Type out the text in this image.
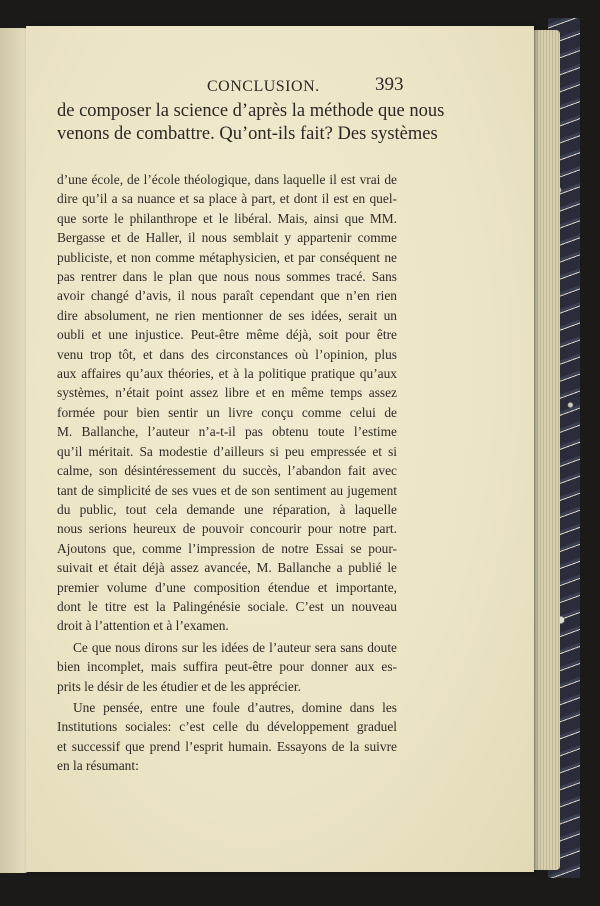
CONCLUSION.	393
de composer la science d’après la méthode que nous
venons de combattre. Qu’ont-ils fait? Des systèmes
d’une école, de l’école théologique, dans laquelle il est vrai de
dire qu’il a sa nuance et sa place à part, et dont il est en quel-
que sorte le philanthrope et le libéral. Mais, ainsi que MM.
Bergasse et de Haller, il nous semblait y appartenir comme
publiciste, et non comme métaphysicien, et par conséquent ne
pas rentrer dans le plan que nous nous sommes tracé. Sans
avoir changé d’avis, il nous paraît cependant que n’en rien
dire absolument, ne rien mentionner de ses idées, serait un
oubli et une injustice. Peut-être même déjà, soit pour être
venu trop tôt, et dans des circonstances où l’opinion, plus
aux affaires qu’aux théories, et à la politique pratique qu’aux
systèmes, n’était point assez libre et en même temps assez
formée pour bien sentir un livre conçu comme celui de
M. Ballanche, l’auteur n’a-t-il pas obtenu toute l’estime
qu’il méritait. Sa modestie d’ailleurs si peu empressée et si
calme, son désintéressement du succès, l’abandon fait avec
tant de simplicité de ses vues et de son sentiment au jugement
du public, tout cela demande une réparation, à laquelle
nous serions heureux de pouvoir concourir pour notre part.
Ajoutons que, comme l’impression de notre Essai se pour-
suivait et était déjà assez avancée, M. Ballanche a publié le
premier volume d’une composition étendue et importante,
dont le titre est la Palingénésie sociale. C’est un nouveau
droit à l’attention et à l’examen.
Ce que nous dirons sur les idées de l’auteur sera sans doute
bien incomplet, mais suffira peut-être pour donner aux es-
prits le désir de les étudier et de les apprécier.
Une pensée, entre une foule d’autres, domine dans les
Institutions sociales: c’est celle du développement graduel
et successif que prend l’esprit humain. Essayons de la suivre
en la résumant:
